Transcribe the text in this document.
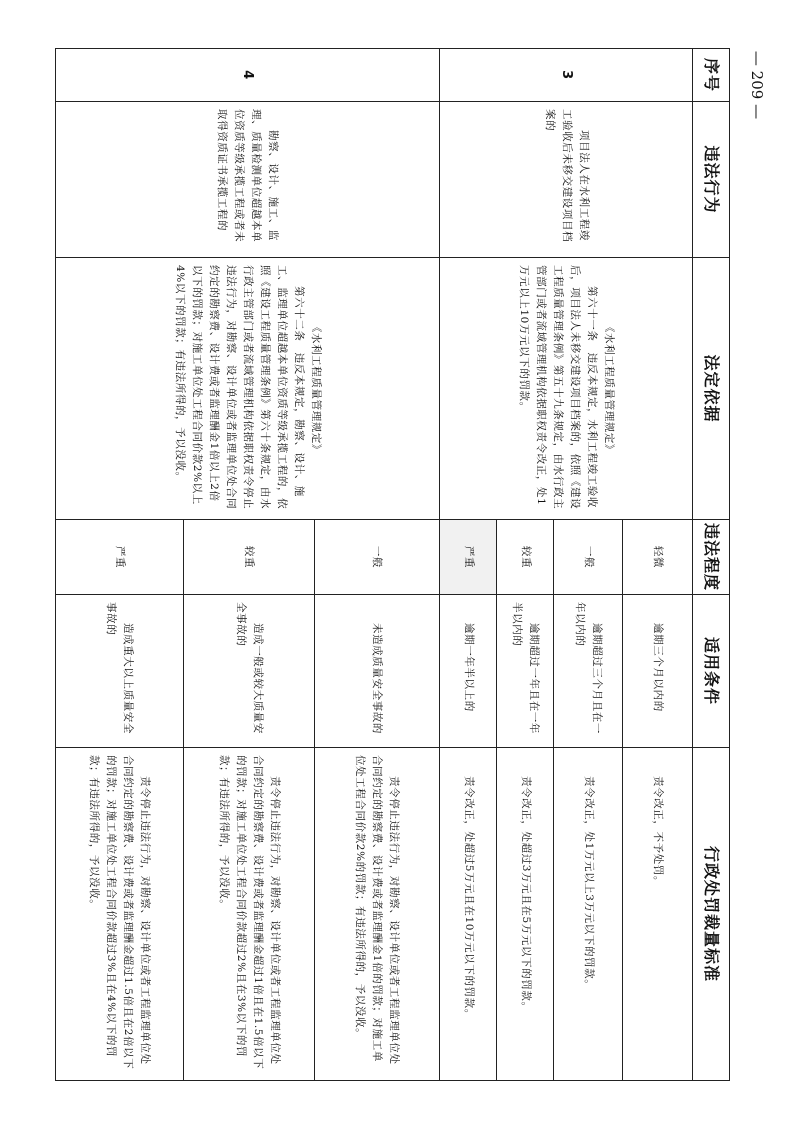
— 209 —
序号	违法行为	法定依据	违法程度	适用条件	行政处罚裁量标准
3	项目法人在水利工程竣工验收后未移交建设项目档案的	《水利工程质量管理规定》
第六十一条　违反本规定，水利工程竣工验收后，项目法人未移交建设项目档案的，依照《建设工程质量管理条例》第五十九条规定，由水行政主管部门或者流域管理机构依据职权责令改正，处1万元以上10万元以下的罚款。	轻微	逾期三个月以内的	责令改正，不予处罚。

			一般	逾期超过三个月且在一年以内的	责令改正，处1万元以上3万元以下的罚款。

			较重	逾期超过一年且在一年半以内的	责令改正，处超过3万元且在5万元以下的罚款。

			严重	逾期一年半以上的	责令改正，处超过5万元且在10万元以下的罚款。

4	勘察、设计、施工、监理、质量检测单位超越本单位资质等级承揽工程或者未取得资质证书承揽工程的	《水利工程质量管理规定》
第六十二条　违反本规定，勘察、设计、施工、监理单位超越本单位资质等级承揽工程的，依照《建设工程质量管理条例》第六十条规定，由水行政主管部门或者流域管理机构依据职权责令停止违法行为，对勘察、设计单位或者监理单位处合同约定的勘察费、设计费或者监理酬金1倍以上2倍以下的罚款；对施工单位处工程合同价款2%以上4%以下的罚款；有违法所得的，予以没收。	一般	未造成质量安全事故的	责令停止违法行为，对勘察、设计单位或者工程监理单位处合同约定的勘察费、设计费或者监理酬金1倍的罚款；对施工单位处工程合同价款2%的罚款；有违法所得的，予以没收。

			较重	造成一般或较大质量安全事故的	责令停止违法行为，对勘察、设计单位或者工程监理单位处合同约定的勘察费、设计费或者监理酬金超过1倍且在1.5倍以下的罚款；对施工单位处工程合同价款超过2%且在3%以下的罚款；有违法所得的，予以没收。

			严重	造成重大以上质量安全事故的	责令停止违法行为，对勘察、设计单位或者工程监理单位处合同约定的勘察费、设计费或者监理酬金超过1.5倍且在2倍以下的罚款；对施工单位处工程合同价款超过3%且在4%以下的罚款；有违法所得的，予以没收。
